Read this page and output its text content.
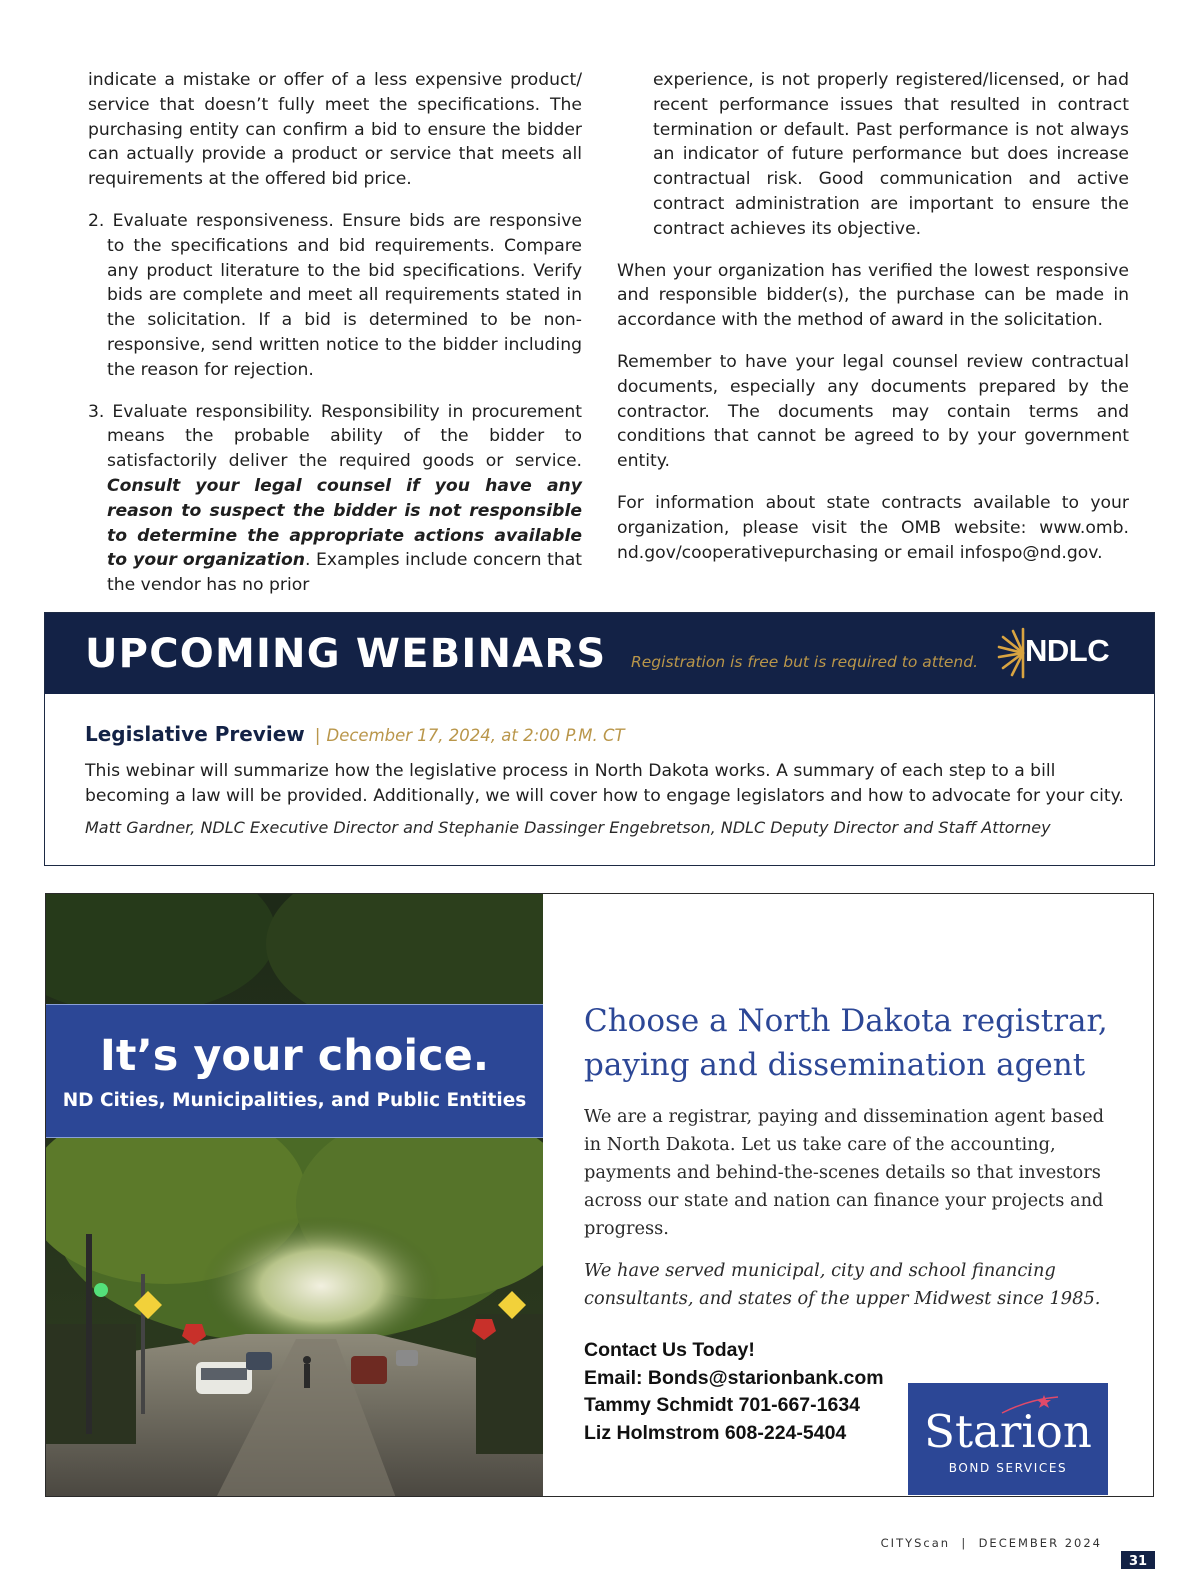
indicate a mistake or offer of a less expensive product/ service that doesn’t fully meet the specifications. The purchasing entity can confirm a bid to ensure the bidder can actually provide a product or service that meets all requirements at the offered bid price.

2. Evaluate responsiveness. Ensure bids are responsive to the specifications and bid requirements. Compare any product literature to the bid specifications. Verify bids are complete and meet all requirements stated in the solicitation. If a bid is determined to be non-responsive, send written notice to the bidder including the reason for rejection.

3. Evaluate responsibility. Responsibility in procurement means the probable ability of the bidder to satisfactorily deliver the required goods or service. Consult your legal counsel if you have any reason to suspect the bidder is not responsible to determine the appropriate actions available to your organization. Examples include concern that the vendor has no prior

experience, is not properly registered/licensed, or had recent performance issues that resulted in contract termination or default. Past performance is not always an indicator of future performance but does increase contractual risk. Good communication and active contract administration are important to ensure the contract achieves its objective.

When your organization has verified the lowest responsive and responsible bidder(s), the purchase can be made in accordance with the method of award in the solicitation.

Remember to have your legal counsel review contractual documents, especially any documents prepared by the contractor. The documents may contain terms and conditions that cannot be agreed to by your government entity.

For information about state contracts available to your organization, please visit the OMB website: www.omb. nd.gov/cooperativepurchasing or email infospo@nd.gov.

UPCOMING WEBINARS Registration is free but is required to attend. NDLC
Legislative Preview | December 17, 2024, at 2:00 P.M. CT
This webinar will summarize how the legislative process in North Dakota works. A summary of each step to a bill becoming a law will be provided. Additionally, we will cover how to engage legislators and how to advocate for your city.
Matt Gardner, NDLC Executive Director and Stephanie Dassinger Engebretson, NDLC Deputy Director and Staff Attorney
It’s your choice.
ND Cities, Municipalities, and Public Entities
Choose a North Dakota registrar,
paying and dissemination agent
We are a registrar, paying and dissemination agent based in North Dakota. Let us take care of the accounting, payments and behind-the-scenes details so that investors across our state and nation can finance your projects and progress.
We have served municipal, city and school financing consultants, and states of the upper Midwest since 1985.
Contact Us Today!
Email: Bonds@starionbank.com
Tammy Schmidt 701-667-1634
Liz Holmstrom 608-224-5404	Starion
BOND SERVICES
CITYScan  |  DECEMBER 2024
31
